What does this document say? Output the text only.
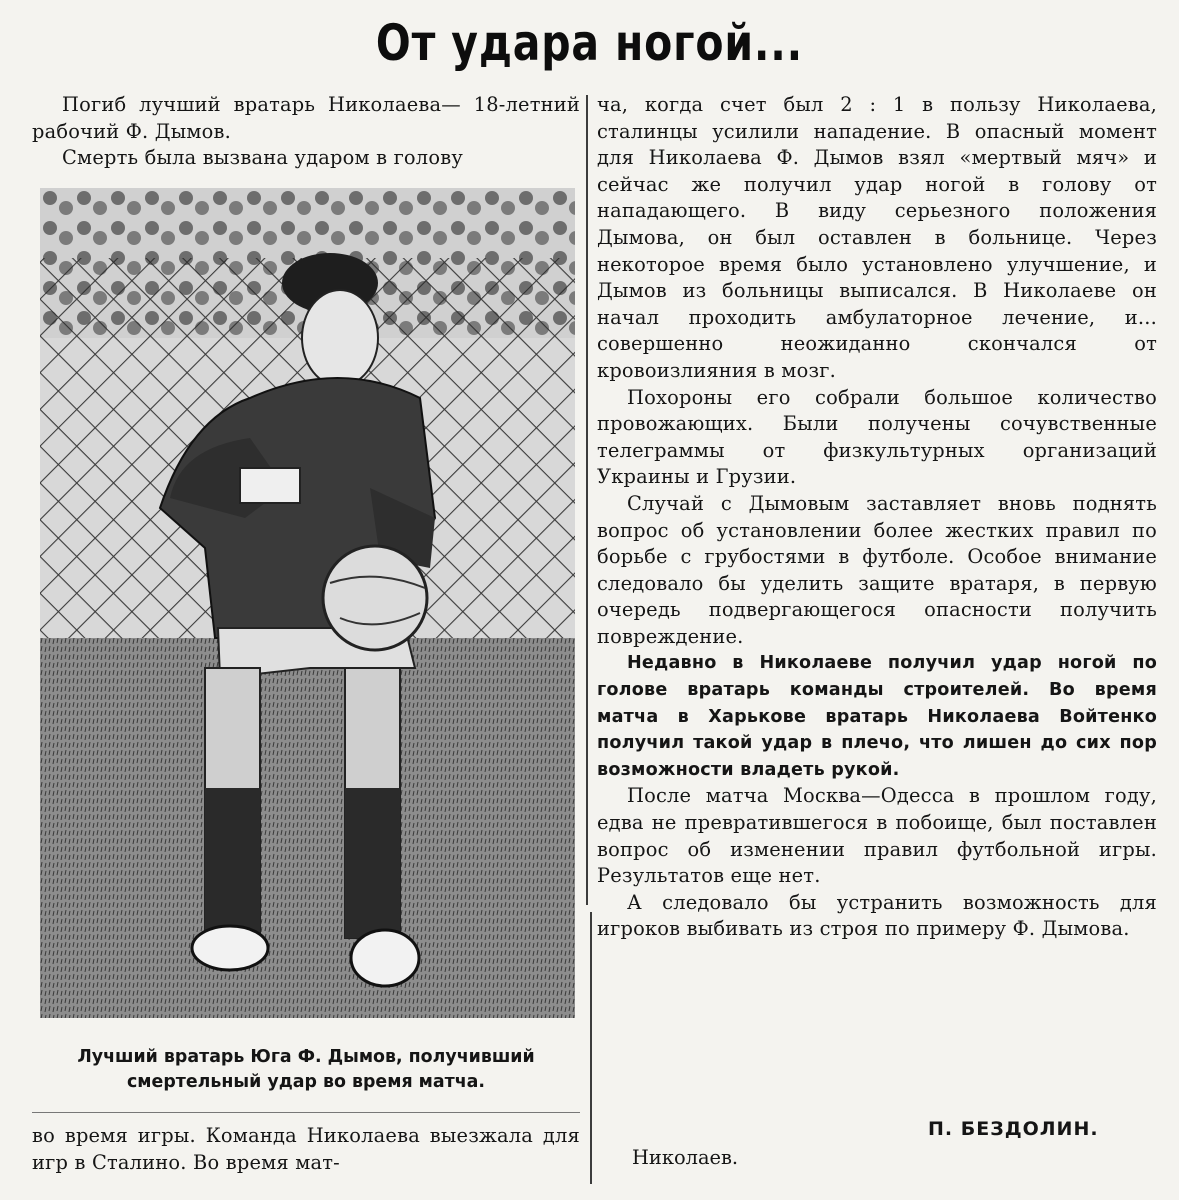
От удара ногой...

Погиб лучший вратарь Николаева— 18-летний рабочий Ф. Дымов.

Смерть была вызвана ударом в голову

Лучший вратарь Юга Ф. Дымов, получивший смертельный удар во время матча.

во время игры. Команда Николаева выезжала для игр в Сталино. Во время мат-

ча, когда счет был 2 : 1 в пользу Николаева, сталинцы усилили нападение. В опасный момент для Николаева Ф. Дымов взял «мертвый мяч» и сейчас же получил удар ногой в голову от нападающего. В виду серьезного положения Дымова, он был оставлен в больнице. Через некоторое время было установлено улучшение, и Дымов из больницы выписался. В Николаеве он начал проходить амбулаторное лечение, и... совершенно неожиданно скончался от кровоизлияния в мозг.

Похороны его собрали большое количество провожающих. Были получены сочувственные телеграммы от физкультурных организаций Украины и Грузии.

Случай с Дымовым заставляет вновь поднять вопрос об установлении более жестких правил по борьбе с грубостями в футболе. Особое внимание следовало бы уделить защите вратаря, в первую очередь подвергающегося опасности получить повреждение.

Недавно в Николаеве получил удар ногой по голове вратарь команды строителей. Во время матча в Харькове вратарь Николаева Войтенко получил такой удар в плечо, что лишен до сих пор возможности владеть рукой.

После матча Москва—Одесса в прошлом году, едва не превратившегося в побоище, был поставлен вопрос об изменении правил футбольной игры. Результатов еще нет.

А следовало бы устранить возможность для игроков выбивать из строя по примеру Ф. Дымова.

П. БЕЗДОЛИН.
Николаев.
